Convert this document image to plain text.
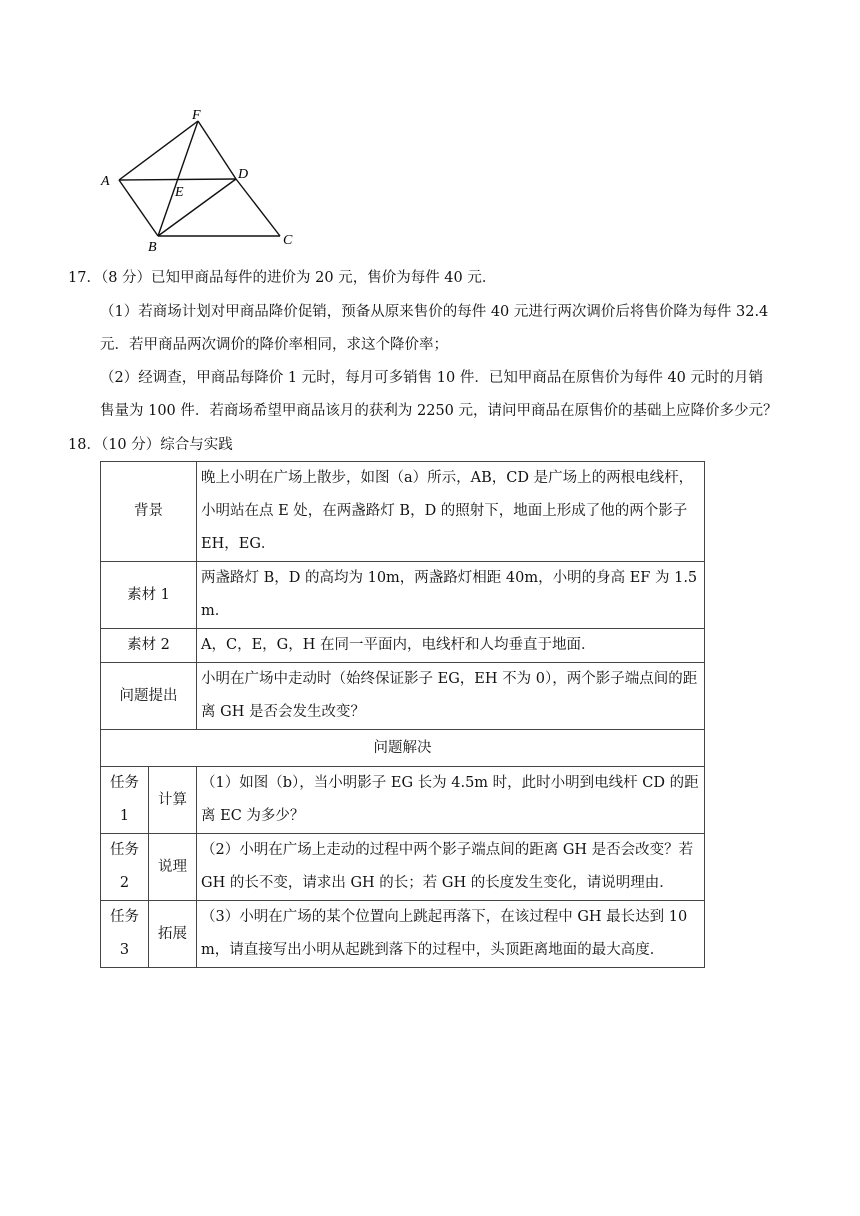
F
A
E
D
B	C
17．（8 分）已知甲商品每件的进价为 20 元，售价为每件 40 元．
（1）若商场计划对甲商品降价促销，预备从原来售价的每件 40 元进行两次调价后将售价降为每件 32.4
元．若甲商品两次调价的降价率相同，求这个降价率；
（2）经调查，甲商品每降价 1 元时，每月可多销售 10 件．已知甲商品在原售价为每件 40 元时的月销
售量为 100 件．若商场希望甲商品该月的获利为 2250 元，请问甲商品在原售价的基础上应降价多少元？
18．（10 分）综合与实践
背景		晚上小明在广场上散步，如图（a）所示，AB，CD 是广场上的两根电线杆，小明站在点 E 处，在两盏路灯 B，D 的照射下，地面上形成了他的两个影子 EH，EG．
素材 1		两盏路灯 B，D 的高均为 10m，两盏路灯相距 40m，小明的身高 EF 为 1.5m．
素材 2		A，C，E，G，H 在同一平面内，电线杆和人均垂直于地面．
问题提出		小明在广场中走动时（始终保证影子 EG，EH 不为 0），两个影子端点间的距离 GH 是否会发生改变？
问题解决		
任务 1	计算	（1）如图（b），当小明影子 EG 长为 4.5m 时，此时小明到电线杆 CD 的距离 EC 为多少？
任务 2	说理	（2）小明在广场上走动的过程中两个影子端点间的距离 GH 是否会改变？若 GH 的长不变，请求出 GH 的长；若 GH 的长度发生变化，请说明理由．
任务 3	拓展	（3）小明在广场的某个位置向上跳起再落下，在该过程中 GH 最长达到 10m，请直接写出小明从起跳到落下的过程中，头顶距离地面的最大高度．
